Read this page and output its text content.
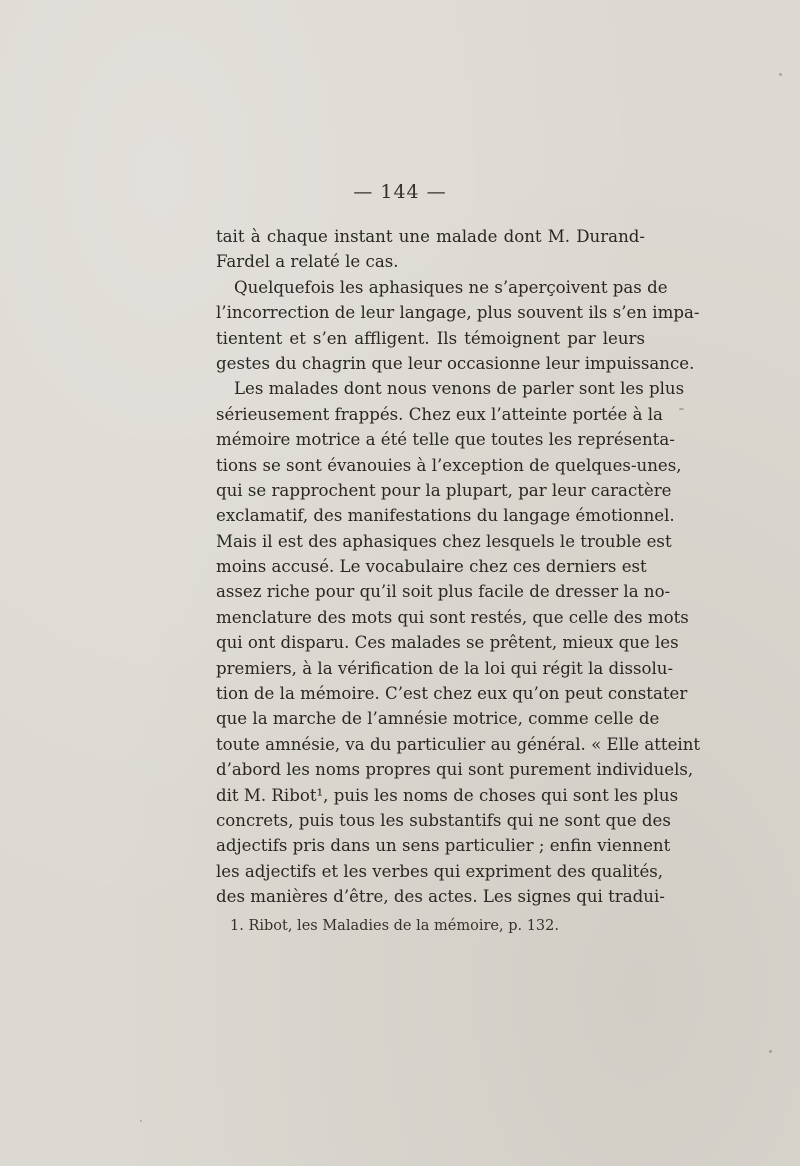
— 144 —
tait à chaque instant une malade dont M. Durand-
Fardel a relaté le cas.
Quelquefois les aphasiques ne s’aperçoivent pas de
l’incorrection de leur langage, plus souvent ils s’en impa-
tientent et s’en affligent. Ils témoignent par leurs
gestes du chagrin que leur occasionne leur impuissance.
Les malades dont nous venons de parler sont les plus
sérieusement frappés. Chez eux l’atteinte portée à la
mémoire motrice a été telle que toutes les représenta-
tions se sont évanouies à l’exception de quelques-unes,
qui se rapprochent pour la plupart, par leur caractère
exclamatif, des manifestations du langage émotionnel.
Mais il est des aphasiques chez lesquels le trouble est
moins accusé. Le vocabulaire chez ces derniers est
assez riche pour qu’il soit plus facile de dresser la no-
menclature des mots qui sont restés, que celle des mots
qui ont disparu. Ces malades se prêtent, mieux que les
premiers, à la vérification de la loi qui régit la dissolu-
tion de la mémoire. C’est chez eux qu’on peut constater
que la marche de l’amnésie motrice, comme celle de
toute amnésie, va du particulier au général. « Elle atteint
d’abord les noms propres qui sont purement individuels,
dit M. Ribot¹, puis les noms de choses qui sont les plus
concrets, puis tous les substantifs qui ne sont que des
adjectifs pris dans un sens particulier ; enfin viennent
les adjectifs et les verbes qui expriment des qualités,
des manières d’être, des actes. Les signes qui tradui-
1. Ribot, les Maladies de la mémoire, p. 132.
